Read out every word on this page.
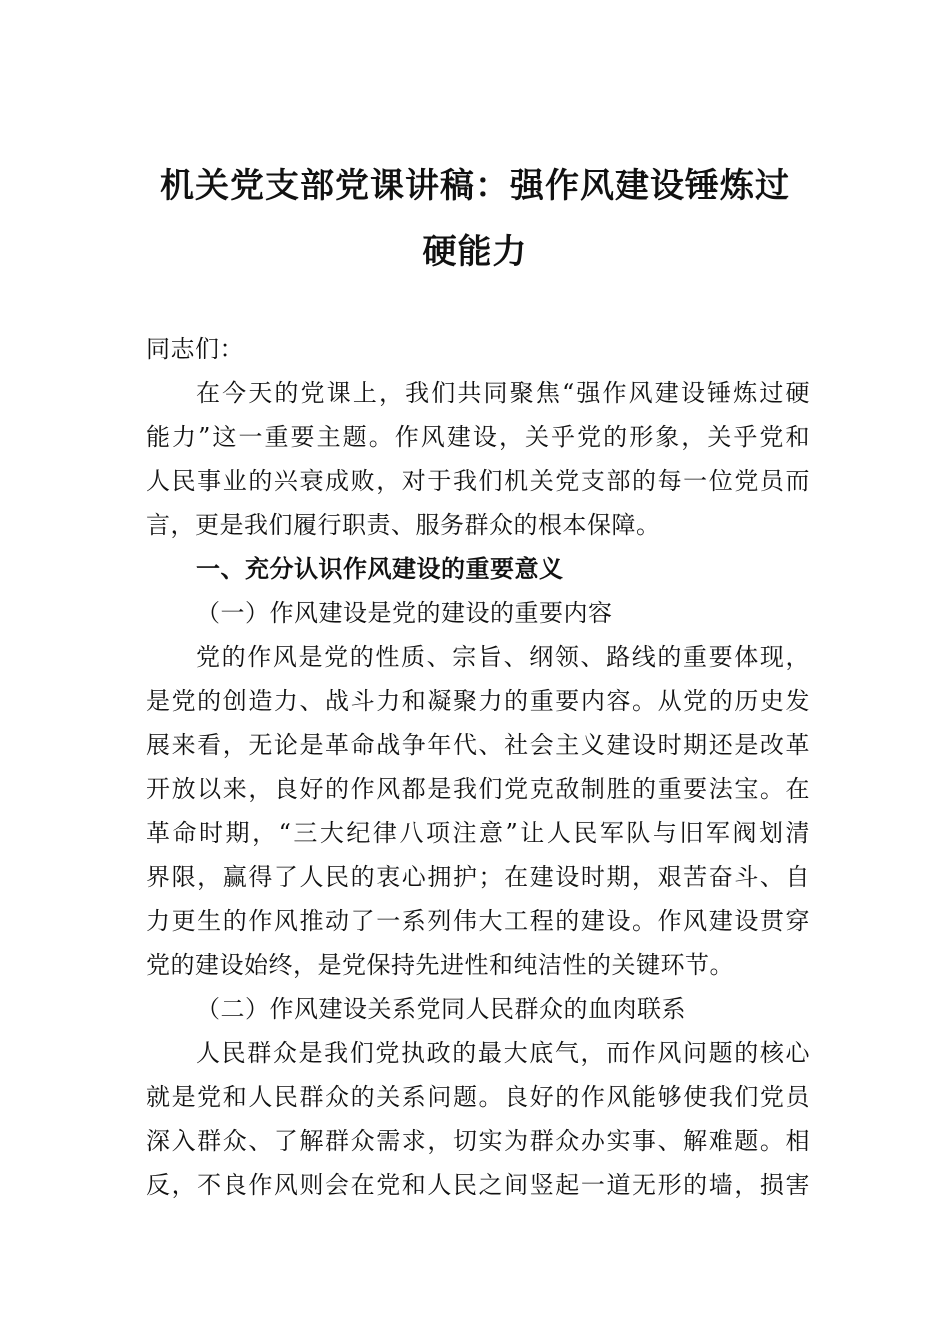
机关党支部党课讲稿：强作风建设锤炼过
硬能力
同志们：
在今天的党课上，我们共同聚焦“强作风建设锤炼过硬
能力”这一重要主题。作风建设，关乎党的形象，关乎党和
人民事业的兴衰成败，对于我们机关党支部的每一位党员而
言，更是我们履行职责、服务群众的根本保障。
一、充分认识作风建设的重要意义
（一）作风建设是党的建设的重要内容
党的作风是党的性质、宗旨、纲领、路线的重要体现，
是党的创造力、战斗力和凝聚力的重要内容。从党的历史发
展来看，无论是革命战争年代、社会主义建设时期还是改革
开放以来，良好的作风都是我们党克敌制胜的重要法宝。在
革命时期，“三大纪律八项注意”让人民军队与旧军阀划清
界限，赢得了人民的衷心拥护；在建设时期，艰苦奋斗、自
力更生的作风推动了一系列伟大工程的建设。作风建设贯穿
党的建设始终，是党保持先进性和纯洁性的关键环节。
（二）作风建设关系党同人民群众的血肉联系
人民群众是我们党执政的最大底气，而作风问题的核心
就是党和人民群众的关系问题。良好的作风能够使我们党员
深入群众、了解群众需求，切实为群众办实事、解难题。相
反，不良作风则会在党和人民之间竖起一道无形的墙，损害
